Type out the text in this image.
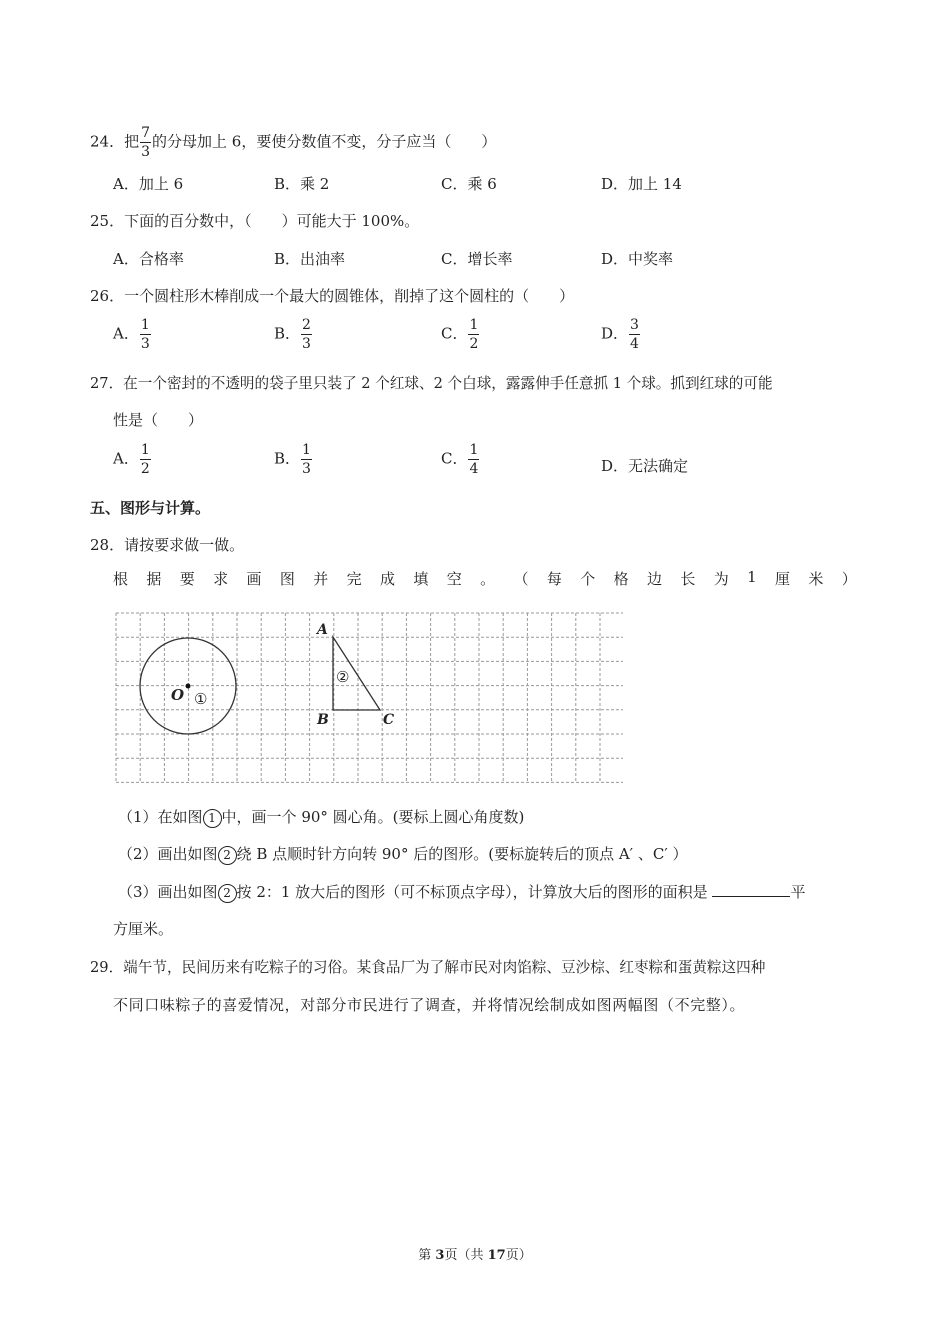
24．把 $\frac{7}{3}$ 的分母加上 6，要使分数值不变，分子应当（　　）
A．加上 6	B．乘 2	C．乘 6	D．加上 14
25．下面的百分数中，（　　）可能大于 100%。
A．合格率	B．出油率	C．增长率	D．中奖率
26．一个圆柱形木棒削成一个最大的圆锥体，削掉了这个圆柱的（　　）
A． $\frac{1}{3}$	B． $\frac{2}{3}$	C． $\frac{1}{2}$	D． $\frac{3}{4}$
27．在一个密封的不透明的袋子里只装了 2 个红球、2 个白球，露露伸手任意抓 1 个球。抓到红球的可能
性是（　　）
A． $\frac{1}{2}$	B． $\frac{1}{3}$	C． $\frac{1}{4}$	D．无法确定
五、图形与计算。
28．请按要求做一做。
根 据 要 求 画 图 并 完 成 填 空 。 （ 每 个 格 边 长 为 1 厘 米 ）
O ①
A
B	C
②
（1）在如图 1 中，画一个 90° 圆心角。(要标上圆心角度数)
（2）画出如图 2 绕 B 点顺时针方向转 90° 后的图形。(要标旋转后的顶点 A′ 、C′ ）
（3）画出如图 2 按 2：1 放大后的图形（可不标顶点字母），计算放大后的图形的面积是	平
方厘米。
29．端午节，民间历来有吃粽子的习俗。某食品厂为了解市民对肉馅粽、豆沙棕、红枣粽和蛋黄粽这四种
不同口味粽子的喜爱情况，对部分市民进行了调查，并将情况绘制成如图两幅图（不完整）。
第 3页（共 17页）
